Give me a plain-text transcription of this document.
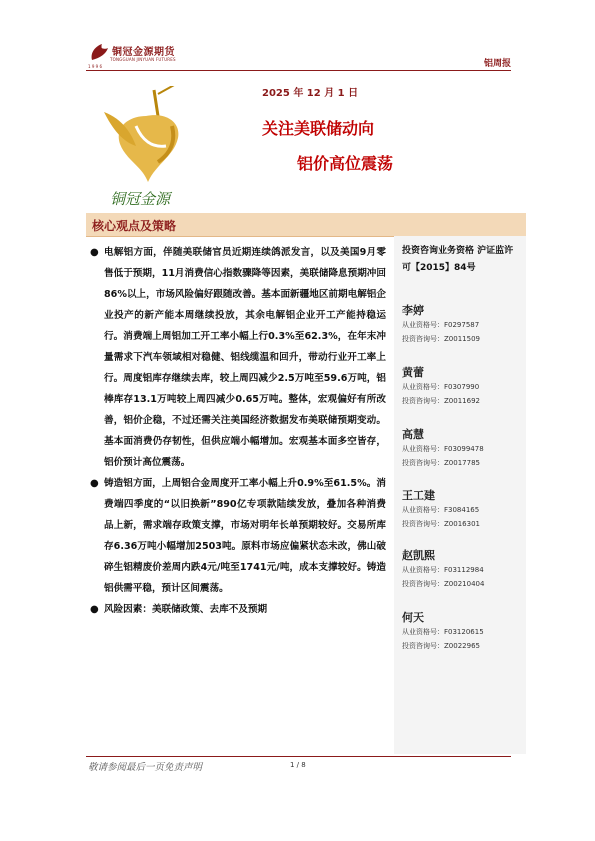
铜冠金源期货
TONGGUAN JINYUAN FUTURES
1 9 9 6	铝周报
铜冠金源
2025 年 12 月 1 日
关注美联储动向
铝价高位震荡
核心观点及策略
● 电解铝方面，伴随美联储官员近期连续鸽派发言，以及美国9月零售低于预期，11月消费信心指数骤降等因素，美联储降息预期冲回86%以上，市场风险偏好跟随改善。基本面新疆地区前期电解铝企业投产的新产能本周继续投放，其余电解铝企业开工产能持稳运行。消费端上周铝加工开工率小幅上行0.3%至62.3%，在年末冲量需求下汽车领域相对稳健、铝线缆温和回升，带动行业开工率上行。周度铝库存继续去库，较上周四减少2.5万吨至59.6万吨，铝棒库存13.1万吨较上周四减少0.65万吨。整体，宏观偏好有所改善，铝价企稳，不过还需关注美国经济数据发布美联储预期变动。基本面消费仍存韧性，但供应端小幅增加。宏观基本面多空皆存，铝价预计高位震荡。
● 铸造铝方面，上周铝合金周度开工率小幅上升0.9%至61.5%。消费端四季度的“以旧换新”890亿专项款陆续发放，叠加各种消费品上新，需求端存政策支撑，市场对明年长单预期较好。交易所库存6.36万吨小幅增加2503吨。原料市场应偏紧状态未改，佛山破碎生铝精废价差周内跌4元/吨至1741元/吨，成本支撑较好。铸造铝供需平稳，预计区间震荡。
● 风险因素：美联储政策、去库不及预期
投资咨询业务资格 沪证监许可【2015】84号
李婷
从业资格号：F0297587
投资咨询号：Z0011509
黄蕾
从业资格号：F0307990
投资咨询号：Z0011692
高慧
从业资格号：F03099478
投资咨询号：Z0017785
王工建
从业资格号：F3084165
投资咨询号：Z0016301
赵凯熙
从业资格号：F03112984
投资咨询号：Z00210404
何天
从业资格号：F03120615
投资咨询号：Z0022965
敬请参阅最后一页免责声明	1 / 8
